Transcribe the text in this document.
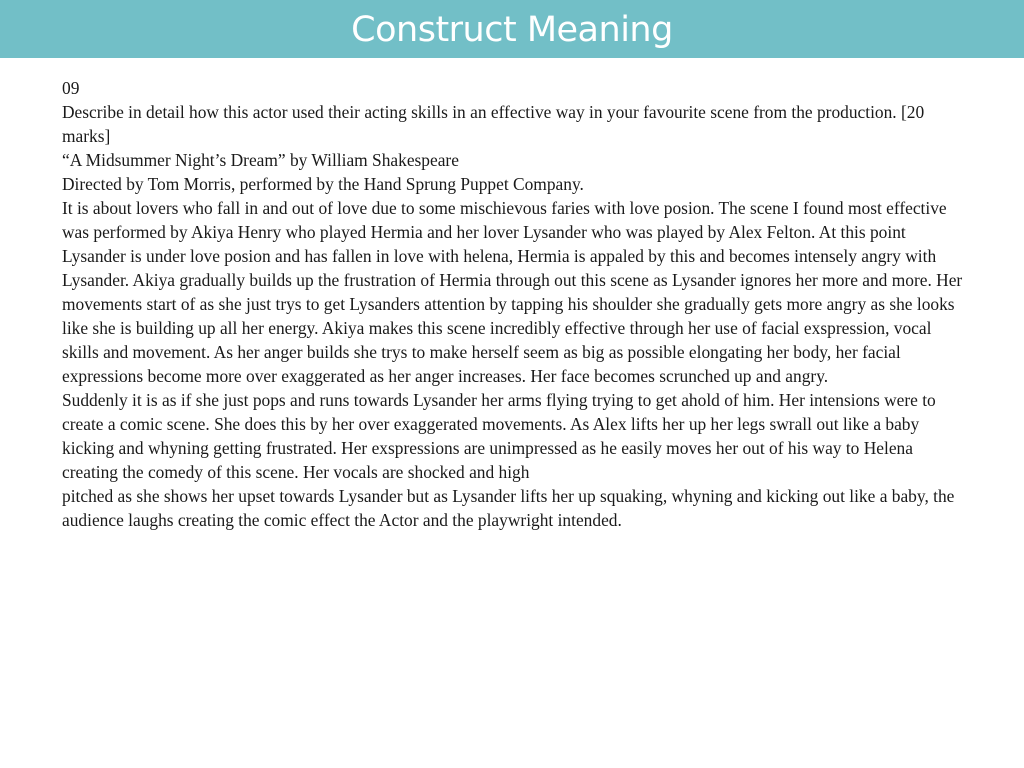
Construct Meaning

09

Describe in detail how this actor used their acting skills in an effective way in your favourite scene from the production. [20 marks]

“A Midsummer Night’s Dream” by William Shakespeare

Directed by Tom Morris, performed by the Hand Sprung Puppet Company.

It is about lovers who fall in and out of love due to some mischievous faries with love posion. The scene I found most effective was performed by Akiya Henry who played Hermia and her lover Lysander who was played by Alex Felton. At this point Lysander is under love posion and has fallen in love with helena, Hermia is appaled by this and becomes intensely angry with Lysander. Akiya gradually builds up the frustration of Hermia through out this scene as Lysander ignores her more and more. Her movements start of as she just trys to get Lysanders attention by tapping his shoulder she gradually gets more angry as she looks like she is building up all her energy. Akiya makes this scene incredibly effective through her use of facial exspression, vocal skills and movement. As her anger builds she trys to make herself seem as big as possible elongating her body, her facial expressions become more over exaggerated as her anger increases. Her face becomes scrunched up and angry.

Suddenly it is as if she just pops and runs towards Lysander her arms flying trying to get ahold of him. Her intensions were to create a comic scene. She does this by her over exaggerated movements. As Alex lifts her up her legs swrall out like a baby kicking and whyning getting frustrated. Her exspressions are unimpressed as he easily moves her out of his way to Helena creating the comedy of this scene. Her vocals are shocked and high

pitched as she shows her upset towards Lysander but as Lysander lifts her up squaking, whyning and kicking out like a baby, the audience laughs creating the comic effect the Actor and the playwright intended.
